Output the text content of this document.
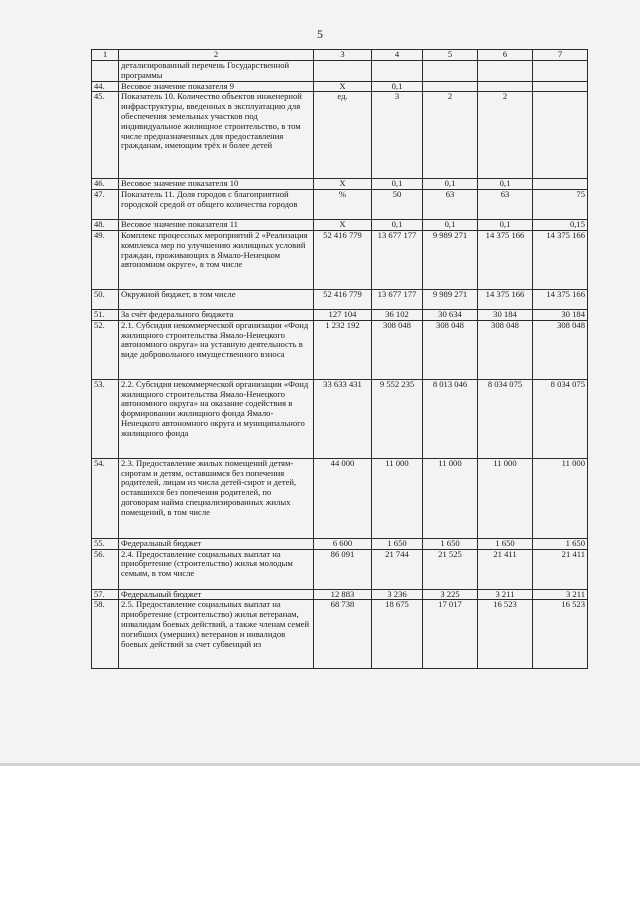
5
1	2	3	4	5	6	7
	детализированный перечень Государственной программы					
44.	Весовое значение показателя 9	Х	0,1			
45.	Показатель 10. Количество объектов инженерной инфраструктуры, введенных в эксплуатацию для обеспечения земельных участков под индивидуальное жилищное строительство, в том числе предназначенных для предоставления гражданам, имеющим трёх и более детей	ед.	3	2	2	
46.	Весовое значение показателя 10	Х	0,1	0,1	0,1	
47.	Показатель 11. Доля городов с благоприятной городской средой от общего количества городов	%	50	63	63	75
48.	Весовое значение показателя 11	Х	0,1	0,1	0,1	0,15
49.	Комплекс процессных мероприятий 2 «Реализация комплекса мер по улучшению жилищных условий граждан, проживающих в Ямало-Ненецком автономном округе», в том числе	52 416 779	13 677 177	9 989 271	14 375 166	14 375 166
50.	Окружной бюджет, в том числе	52 416 779	13 677 177	9 989 271	14 375 166	14 375 166
51.	За счёт федерального бюджета	127 104	36 102	30 634	30 184	30 184
52.	2.1. Субсидия некоммерческой организации «Фонд жилищного строительства Ямало-Ненецкого автономного округа» на уставную деятельность в виде добровольного имущественного взноса	1 232 192	308 048	308 048	308 048	308 048
53.	2.2. Субсидия некоммерческой организации «Фонд жилищного строительства Ямало-Ненецкого автономного округа» на оказание содействия в формировании жилищного фонда Ямало-Ненецкого автономного округа и муниципального жилищного фонда	33 633 431	9 552 235	8 013 046	8 034 075	8 034 075
54.	2.3. Предоставление жилых помещений детям-сиротам и детям, оставшимся без попечения родителей, лицам из числа детей-сирот и детей, оставшихся без попечения родителей, по договорам найма специализированных жилых помещений, в том числе	44 000	11 000	11 000	11 000	11 000
55.	Федеральный бюджет	6 600	1 650	1 650	1 650	1 650
56.	2.4. Предоставление социальных выплат на приобретение (строительство) жилья молодым семьям, в том числе	86 091	21 744	21 525	21 411	21 411
57.	Федеральный бюджет	12 883	3 236	3 225	3 211	3 211
58.	2.5. Предоставление социальных выплат на приобретение (строительство) жилья ветеранам, инвалидам боевых действий, а также членам семей погибших (умерших) ветеранов и инвалидов боевых действий за счет субвенций из	68 738	18 675	17 017	16 523	16 523
